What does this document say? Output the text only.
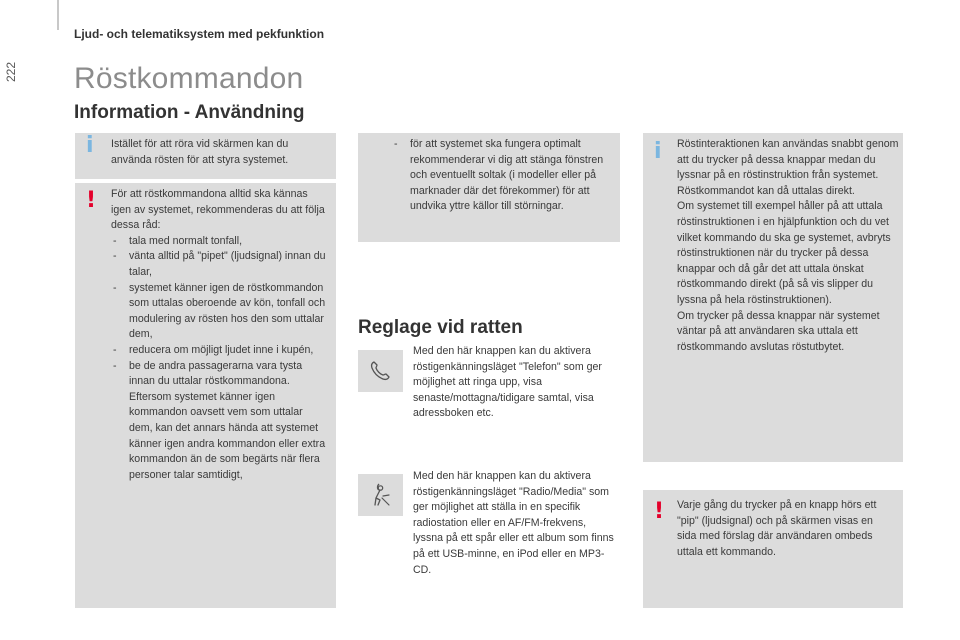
222
Ljud- och telematiksystem med pekfunktion
Röstkommandon
Information - Användning
i Istället för att röra vid skärmen kan du använda rösten för att styra systemet.

! För att röstkommandona alltid ska kännas igen av systemet, rekommenderas du att följa dessa råd:

- tala med normalt tonfall,
- vänta alltid på "pipet" (ljudsignal) innan du talar,
- systemet känner igen de röstkommandon som uttalas oberoende av kön, tonfall och modulering av rösten hos den som uttalar dem,
- reducera om möjligt ljudet inne i kupén,
- be de andra passagerarna vara tysta innan du uttalar röstkommandona. Eftersom systemet känner igen kommandon oavsett vem som uttalar dem, kan det annars hända att systemet känner igen andra kommandon eller extra kommandon än de som begärts när flera personer talar samtidigt,
- för att systemet ska fungera optimalt rekommenderar vi dig att stänga fönstren och eventuellt soltak (i modeller eller på marknader där det förekommer) för att undvika yttre källor till störningar.
Reglage vid ratten

Med den här knappen kan du aktivera röstigenkänningsläget "Telefon" som ger möjlighet att ringa upp, visa senaste/mottagna/tidigare samtal, visa adressboken etc.

Med den här knappen kan du aktivera röstigenkänningsläget "Radio/Media" som ger möjlighet att ställa in en specifik radiostation eller en AF/FM-frekvens, lyssna på ett spår eller ett album som finns på ett USB-minne, en iPod eller en MP3-CD.

i Röstinteraktionen kan användas snabbt genom att du trycker på dessa knappar medan du lyssnar på en röstinstruktion från systemet. Röstkommandot kan då uttalas direkt.
Om systemet till exempel håller på att uttala röstinstruktionen i en hjälpfunktion och du vet vilket kommando du ska ge systemet, avbryts röstinstruktionen när du trycker på dessa knappar och då går det att uttala önskat röstkommando direkt (på så vis slipper du lyssna på hela röstinstruktionen).
Om trycker på dessa knappar när systemet väntar på att användaren ska uttala ett röstkommando avslutas röstutbytet.

! Varje gång du trycker på en knapp hörs ett "pip" (ljudsignal) och på skärmen visas en sida med förslag där användaren ombeds uttala ett kommando.
